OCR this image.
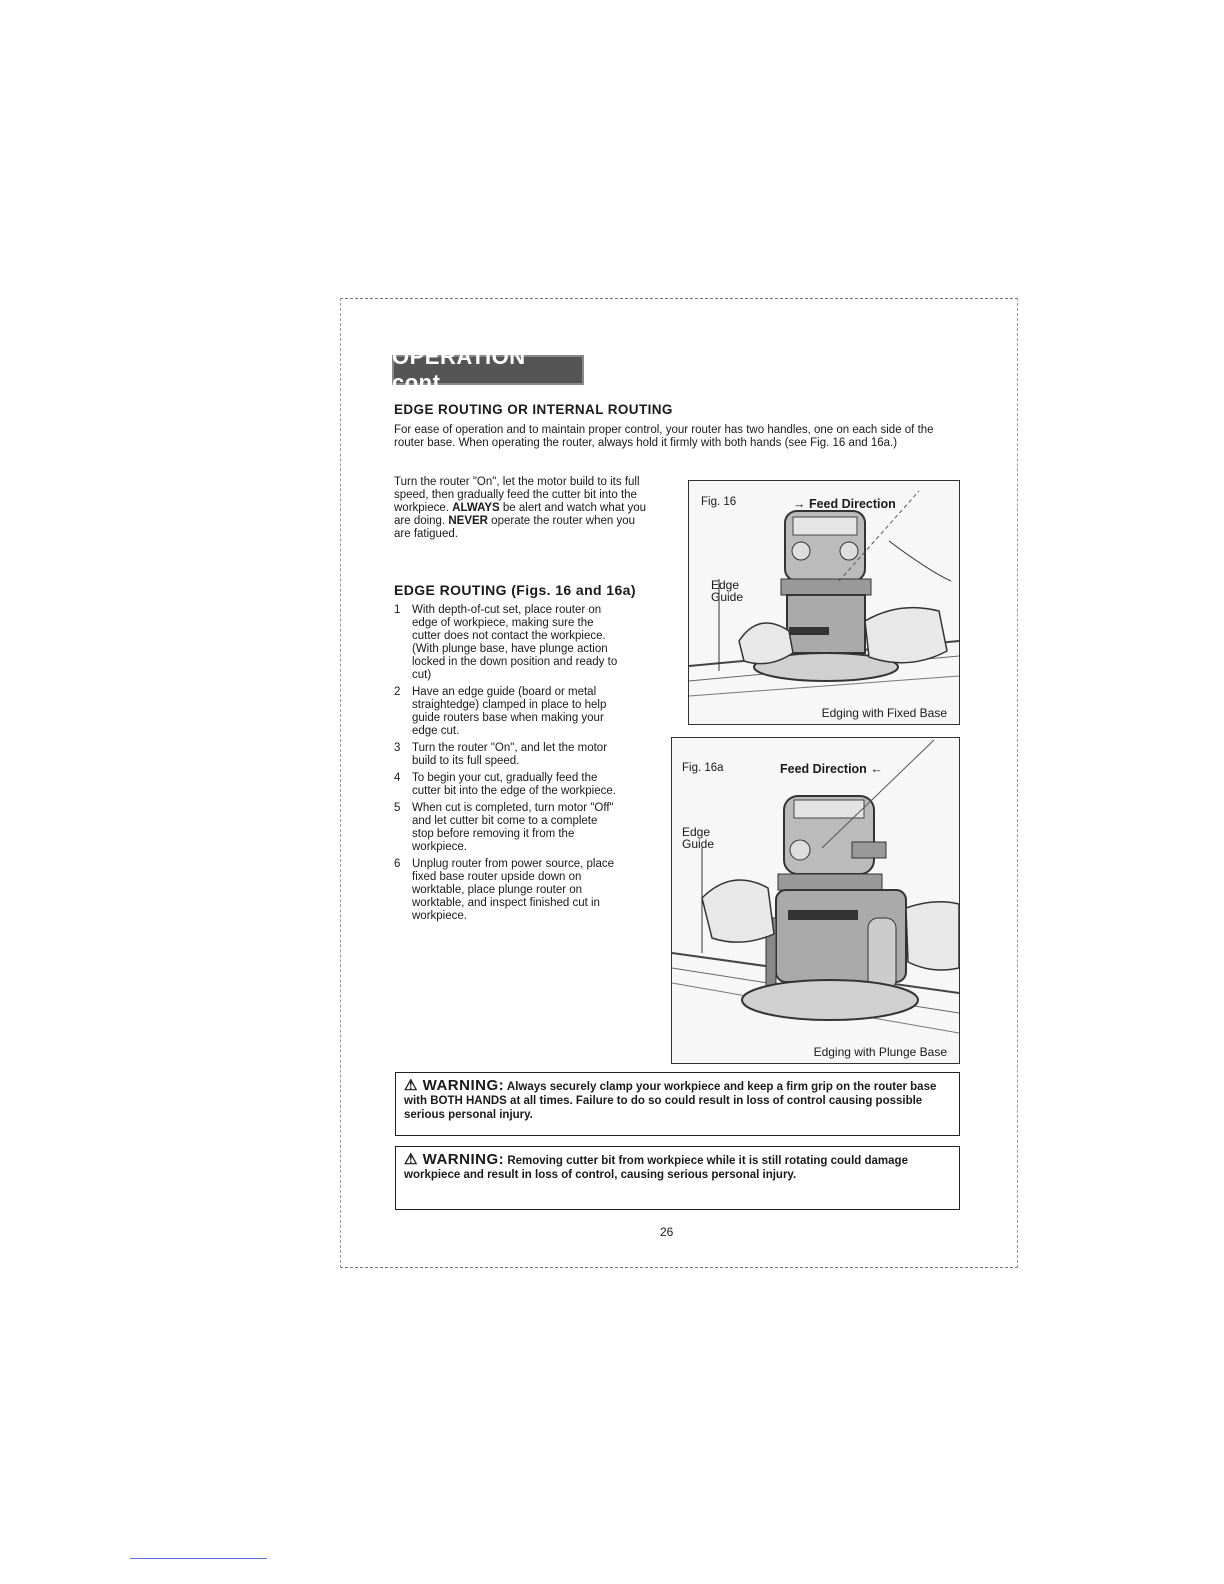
OPERATION cont.
EDGE ROUTING OR INTERNAL ROUTING
For ease of operation and to maintain proper control, your router has two handles, one on each side of the router base. When operating the router, always hold it firmly with both hands (see Fig. 16 and 16a.)
Turn the router "On", let the motor build to its full speed, then gradually feed the cutter bit into the workpiece. ALWAYS be alert and watch what you are doing. NEVER operate the router when you are fatigued.
EDGE ROUTING (Figs. 16 and 16a)
1	With depth-of-cut set, place router on edge of workpiece, making sure the cutter does not contact the workpiece. (With plunge base, have plunge action locked in the down position and ready to cut)
2	Have an edge guide (board or metal straightedge) clamped in place to help guide routers base when making your edge cut.
3	Turn the router "On", and let the motor build to its full speed.
4	To begin your cut, gradually feed the cutter bit into the edge of the workpiece.
5	When cut is completed, turn motor "Off" and let cutter bit come to a complete stop before removing it from the workpiece.
6	Unplug router from power source, place fixed base router upside down on worktable, place plunge router on worktable, and inspect finished cut in workpiece.
Fig. 16	→ Feed Direction
Edge Guide
Edging with Fixed Base
Fig. 16a	Feed Direction ←
Edge Guide
Edging with Plunge Base
⚠ WARNING: Always securely clamp your workpiece and keep a firm grip on the router base with BOTH HANDS at all times. Failure to do so could result in loss of control causing possible serious personal injury.
⚠ WARNING: Removing cutter bit from workpiece while it is still rotating could damage workpiece and result in loss of control, causing serious personal injury.
26
